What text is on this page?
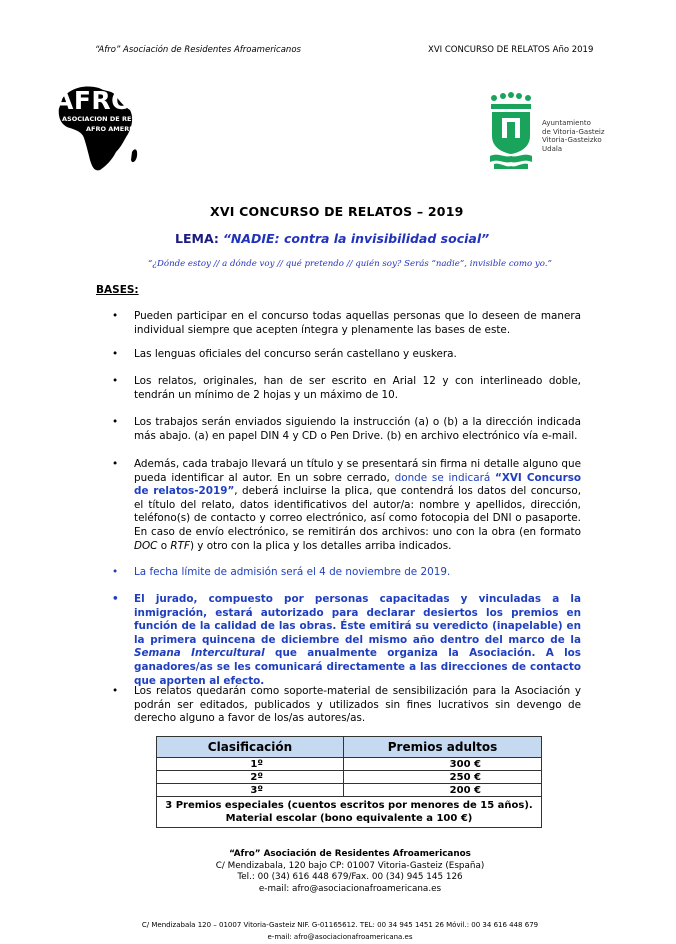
“Afro” Asociación de Residentes Afroamericanos	XVI CONCURSO DE RELATOS Año 2019
AFRO
ASOCIACION DE RESIDENTES
AFRO AMERICANOS
Ayuntamiento
de Vitoria-Gasteiz
Vitoria-Gasteizko
Udala
XVI CONCURSO DE RELATOS – 2019
LEMA: “NADIE: contra la invisibilidad social”
“¿Dónde estoy // a dónde voy // qué pretendo // quién soy? Serás “nadie”, invisible como yo.”
BASES:
• Pueden participar en el concurso todas aquellas personas que lo deseen de manera individual siempre que acepten íntegra y plenamente las bases de este.
• Las lenguas oficiales del concurso serán castellano y euskera.
• Los relatos, originales, han de ser escrito en Arial 12 y con interlineado doble, tendrán un mínimo de 2 hojas y un máximo de 10.
• Los trabajos serán enviados siguiendo la instrucción (a) o (b) a la dirección indicada más abajo. (a) en papel DIN 4 y CD o Pen Drive. (b) en archivo electrónico vía e-mail.
• Además, cada trabajo llevará un título y se presentará sin firma ni detalle alguno que pueda identificar al autor. En un sobre cerrado, donde se indicará “XVI Concurso de relatos-2019”, deberá incluirse la plica, que contendrá los datos del concurso, el título del relato, datos identificativos del autor/a: nombre y apellidos, dirección, teléfono(s) de contacto y correo electrónico, así como fotocopia del DNI o pasaporte. En caso de envío electrónico, se remitirán dos archivos: uno con la obra (en formato DOC o RTF) y otro con la plica y los detalles arriba indicados.
• La fecha límite de admisión será el 4 de noviembre de 2019.
• El jurado, compuesto por personas capacitadas y vinculadas a la inmigración, estará autorizado para declarar desiertos los premios en función de la calidad de las obras. Éste emitirá su veredicto (inapelable) en la primera quincena de diciembre del mismo año dentro del marco de la Semana Intercultural que anualmente organiza la Asociación. A los ganadores/as se les comunicará directamente a las direcciones de contacto que aporten al efecto.
• Los relatos quedarán como soporte-material de sensibilización para la Asociación y podrán ser editados, publicados y utilizados sin fines lucrativos sin devengo de derecho alguno a favor de los/as autores/as.
Clasificación	Premios adultos
1º	300 €
2º	250 €
3º	200 €

3 Premios especiales (cuentos escritos por menores de 15 años).
Material escolar (bono equivalente a 100 €)	
“Afro” Asociación de Residentes Afroamericanos
C/ Mendizabala, 120 bajo CP: 01007 Vitoria-Gasteiz (España)
Tel.: 00 (34) 616 448 679/Fax. 00 (34) 945 145 126
e-mail: afro@asociacionafroamericana.es
C/ Mendizabala 120 – 01007 Vitoria-Gasteiz NIF. G-01165612. TEL: 00 34 945 1451 26 Móvil.: 00 34 616 448 679
e-mail: afro@asociacionafroamericana.es
